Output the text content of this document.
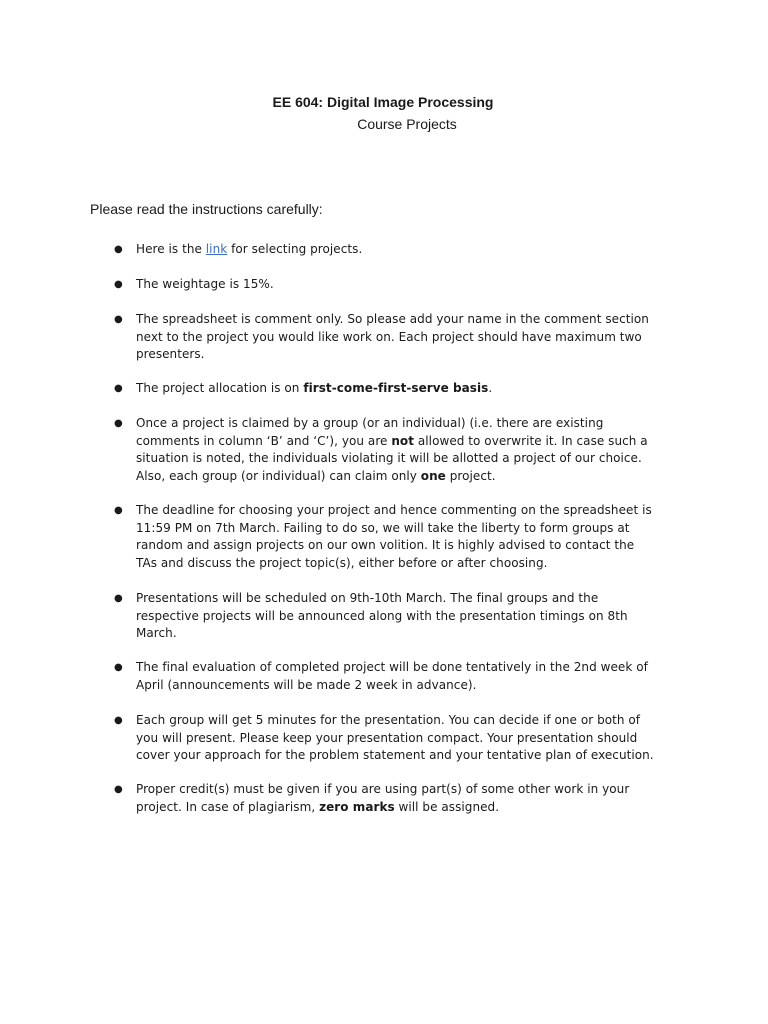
EE 604: Digital Image Processing
Course Projects

Please read the instructions carefully:

● Here is the link for selecting projects.
● The weightage is 15%.
● The spreadsheet is comment only. So please add your name in the comment section
next to the project you would like work on. Each project should have maximum two
presenters.
● The project allocation is on first-come-first-serve basis.
● Once a project is claimed by a group (or an individual) (i.e. there are existing
comments in column ‘B’ and ‘C’), you are not allowed to overwrite it. In case such a
situation is noted, the individuals violating it will be allotted a project of our choice.
Also, each group (or individual) can claim only one project.
● The deadline for choosing your project and hence commenting on the spreadsheet is
11:59 PM on 7th March. Failing to do so, we will take the liberty to form groups at
random and assign projects on our own volition. It is highly advised to contact the
TAs and discuss the project topic(s), either before or after choosing.
● Presentations will be scheduled on 9th-10th March. The final groups and the
respective projects will be announced along with the presentation timings on 8th
March.
● The final evaluation of completed project will be done tentatively in the 2nd week of
April (announcements will be made 2 week in advance).
● Each group will get 5 minutes for the presentation. You can decide if one or both of
you will present. Please keep your presentation compact. Your presentation should
cover your approach for the problem statement and your tentative plan of execution.
● Proper credit(s) must be given if you are using part(s) of some other work in your
project. In case of plagiarism, zero marks will be assigned.
